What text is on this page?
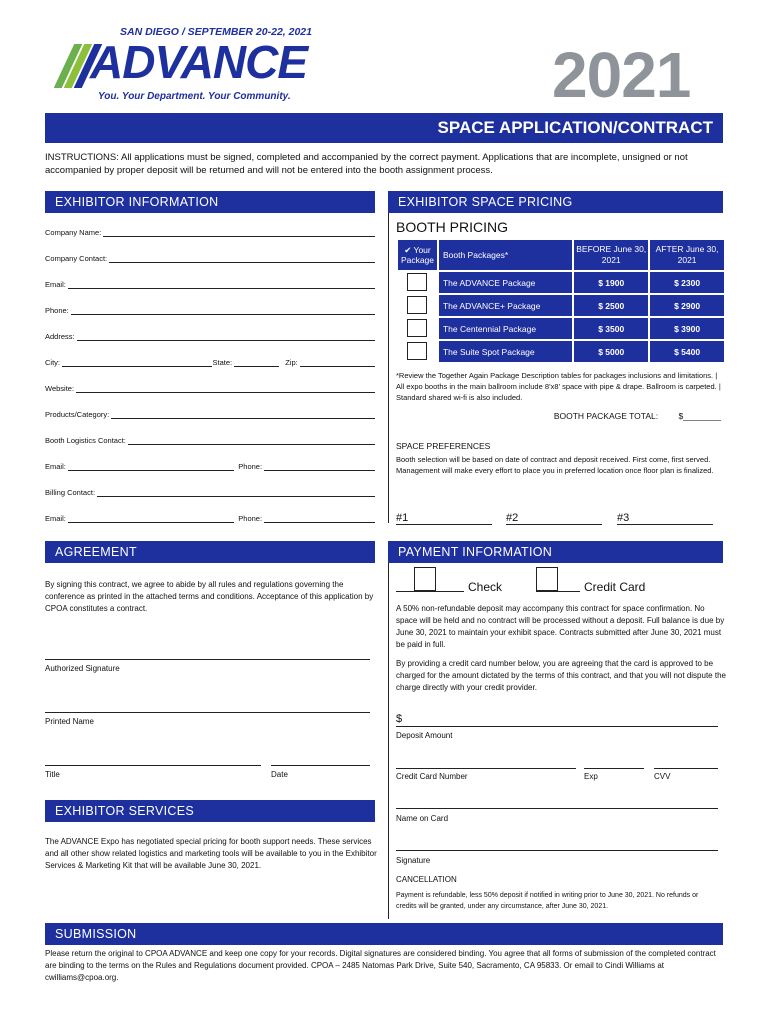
SAN DIEGO / SEPTEMBER 20-22, 2021
ADVANCE
You. Your Department. Your Community.	2021
SPACE APPLICATION/CONTRACT
INSTRUCTIONS: All applications must be signed, completed and accompanied by the correct payment. Applications that are incomplete, unsigned or not accompanied by proper deposit will be returned and will not be entered into the booth assignment process.
EXHIBITOR INFORMATION
Company Name:
Company Contact:
Email:
Phone:
Address:
City:	State:	Zip:
Website:
Products/Category:
Booth Logistics Contact:
Email:	Phone:
Billing Contact:
Email:	Phone:
EXHIBITOR SPACE PRICING
BOOTH PRICING
✔ Your Package	Booth Packages*	BEFORE June 30, 2021	AFTER June 30, 2021
	The ADVANCE Package	$ 1900	$ 2300
	The ADVANCE+ Package	$ 2500	$ 2900
	The Centennial Package	$ 3500	$ 3900
	The Suite Spot Package	$ 5000	$ 5400
*Review the Together Again Package Description tables for packages inclusions and limitations. | All expo booths in the main ballroom include 8’x8’ space with pipe & drape. Ballroom is carpeted. | Standard shared wi-fi is also included.
BOOTH PACKAGE TOTAL: $________
SPACE PREFERENCES
Booth selection will be based on date of contract and deposit received. First come, first served. Management will make every effort to place you in preferred location once floor plan is finalized.
#1	#2	#3
AGREEMENT
By signing this contract, we agree to abide by all rules and regulations governing the conference as printed in the attached terms and conditions. Acceptance of this application by CPOA constitutes a contract.
Authorized Signature
Printed Name
Title	Date
EXHIBITOR SERVICES
The ADVANCE Expo has negotiated special pricing for booth support needs. These services and all other show related logistics and marketing tools will be available to you in the Exhibitor Services & Marketing Kit that will be available June 30, 2021.
PAYMENT INFORMATION
Check	Credit Card
A 50% non-refundable deposit may accompany this contract for space confirmation. No space will be held and no contract will be processed without a deposit. Full balance is due by June 30, 2021 to maintain your exhibit space. Contracts submitted after June 30, 2021 must be paid in full.
By providing a credit card number below, you are agreeing that the card is approved to be charged for the amount dictated by the terms of this contract, and that you will not dispute the charge directly with your credit provider.
$
Deposit Amount
Credit Card Number	Exp	CVV
Name on Card
Signature
CANCELLATION
Payment is refundable, less 50% deposit if notified in writing prior to June 30, 2021. No refunds or credits will be granted, under any circumstance, after June 30, 2021.
SUBMISSION
Please return the original to CPOA ADVANCE and keep one copy for your records. Digital signatures are considered binding. You agree that all forms of submission of the completed contract are binding to the terms on the Rules and Regulations document provided. CPOA – 2485 Natomas Park Drive, Suite 540, Sacramento, CA 95833. Or email to Cindi Williams at cwilliams@cpoa.org.
